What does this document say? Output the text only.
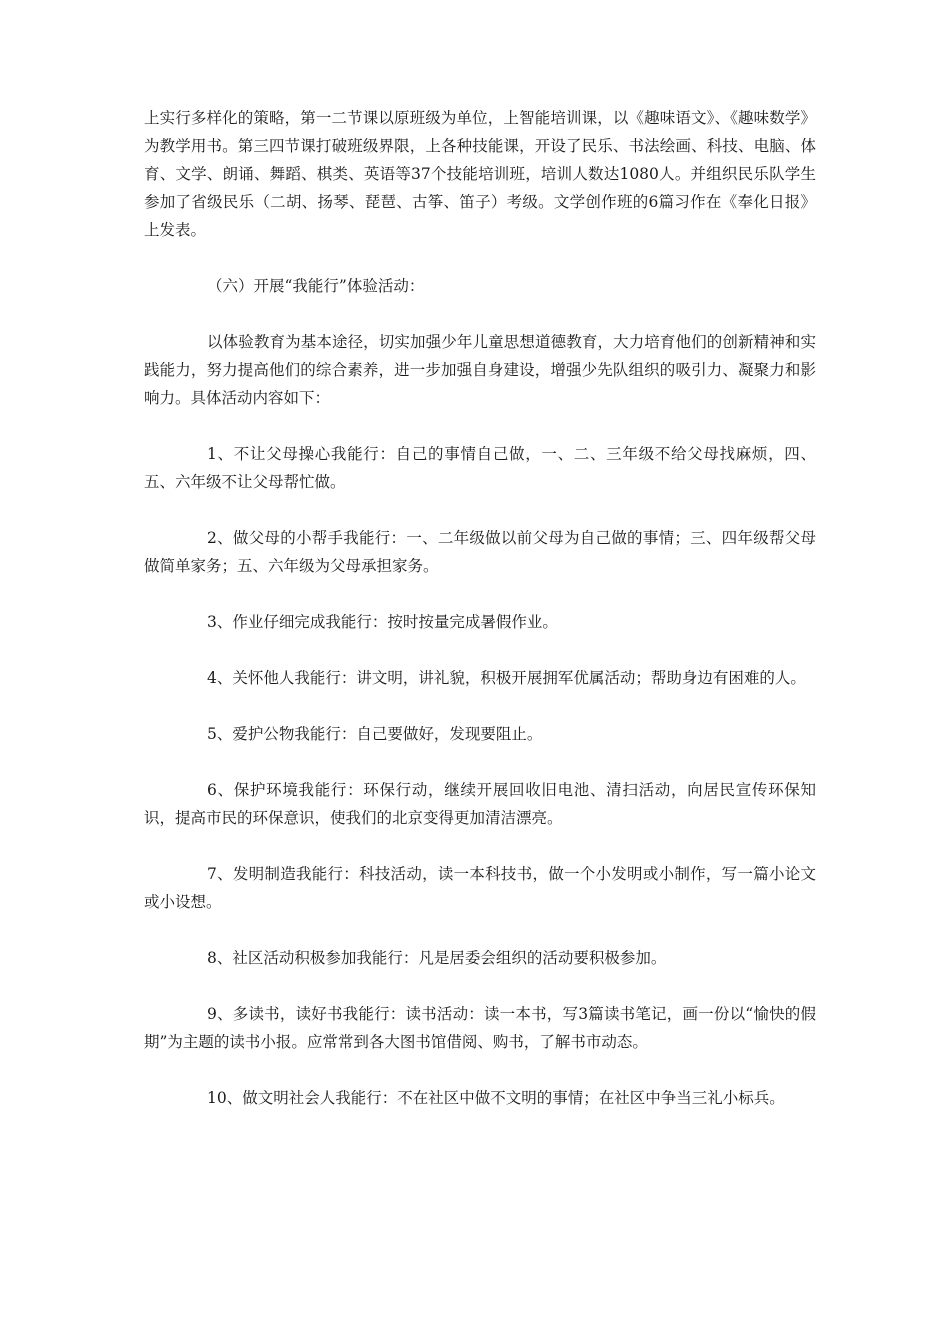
上实行多样化的策略，第一二节课以原班级为单位，上智能培训课，以《趣味语文》、《趣味数学》为教学用书。第三四节课打破班级界限，上各种技能课，开设了民乐、书法绘画、科技、电脑、体育、文学、朗诵、舞蹈、棋类、英语等37个技能培训班，培训人数达1080人。并组织民乐队学生参加了省级民乐（二胡、扬琴、琵琶、古筝、笛子）考级。文学创作班的6篇习作在《奉化日报》上发表。

（六）开展“我能行”体验活动：

以体验教育为基本途径，切实加强少年儿童思想道德教育，大力培育他们的创新精神和实践能力，努力提高他们的综合素养，进一步加强自身建设，增强少先队组织的吸引力、凝聚力和影响力。具体活动内容如下：

1、不让父母操心我能行：自己的事情自己做，一、二、三年级不给父母找麻烦，四、五、六年级不让父母帮忙做。

2、做父母的小帮手我能行：一、二年级做以前父母为自己做的事情；三、四年级帮父母做简单家务；五、六年级为父母承担家务。

3、作业仔细完成我能行：按时按量完成暑假作业。

4、关怀他人我能行：讲文明，讲礼貌，积极开展拥军优属活动；帮助身边有困难的人。

5、爱护公物我能行：自己要做好，发现要阻止。

6、保护环境我能行：环保行动，继续开展回收旧电池、清扫活动，向居民宣传环保知识，提高市民的环保意识，使我们的北京变得更加清洁漂亮。

7、发明制造我能行：科技活动，读一本科技书，做一个小发明或小制作，写一篇小论文或小设想。

8、社区活动积极参加我能行：凡是居委会组织的活动要积极参加。

9、多读书，读好书我能行：读书活动：读一本书，写3篇读书笔记，画一份以“愉快的假期”为主题的读书小报。应常常到各大图书馆借阅、购书，了解书市动态。

10、做文明社会人我能行：不在社区中做不文明的事情；在社区中争当三礼小标兵。
